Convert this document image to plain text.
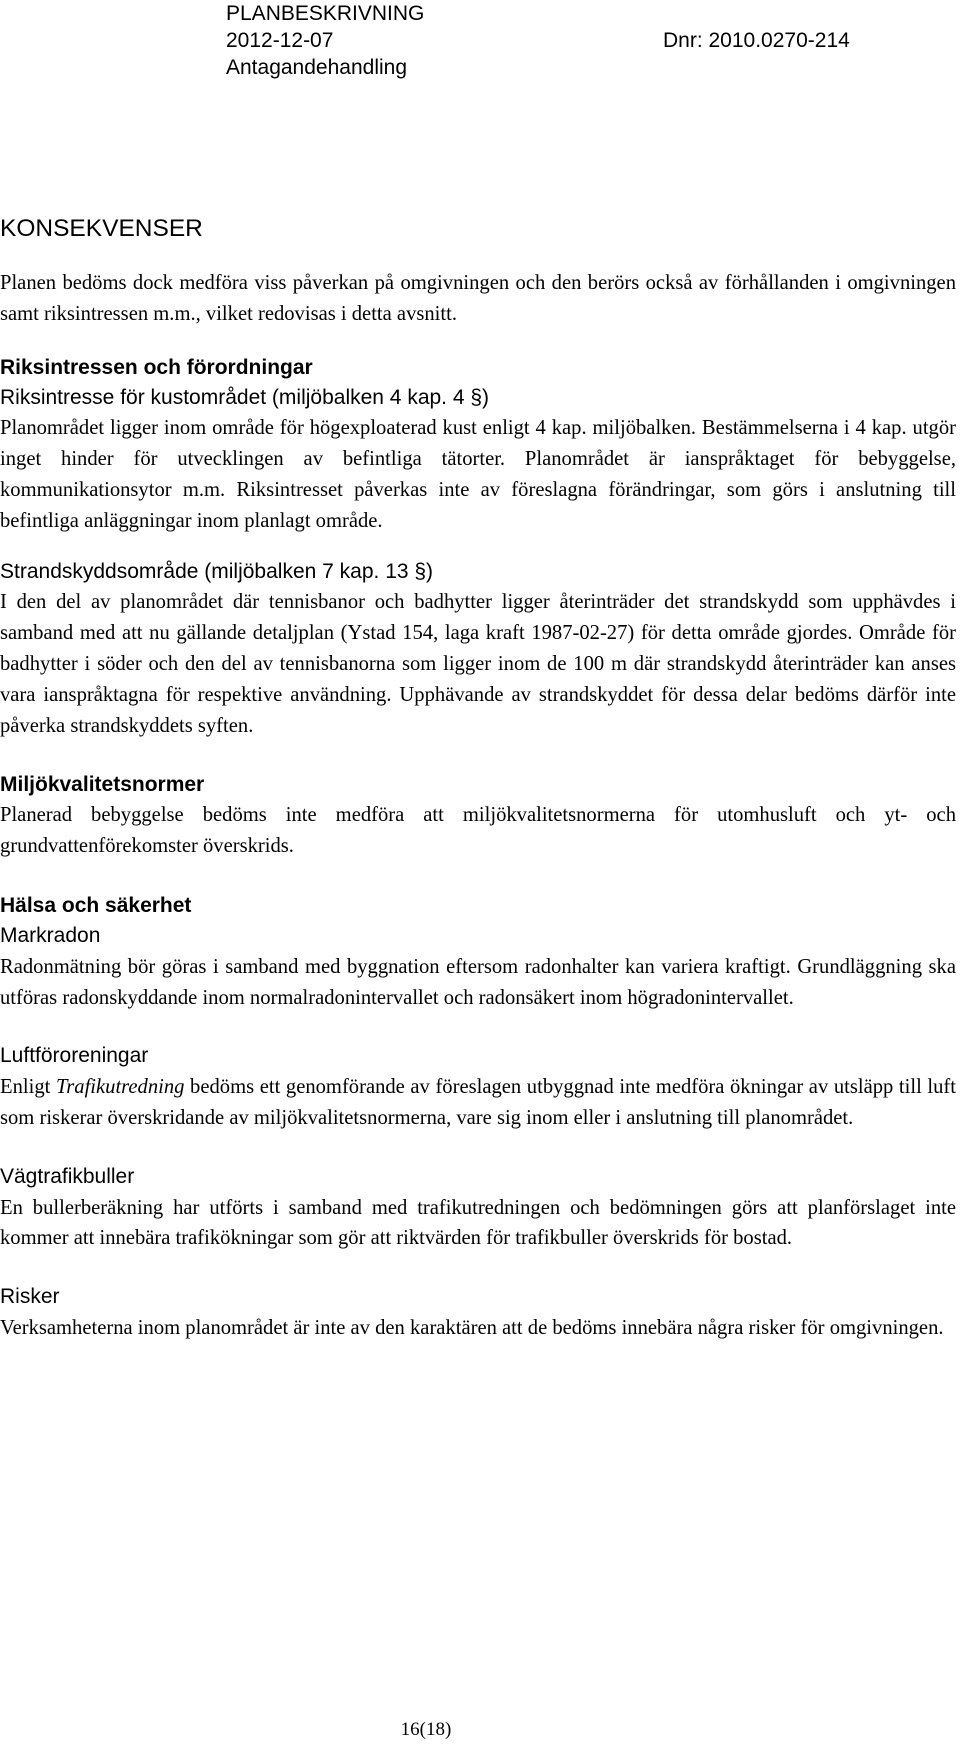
PLANBESKRIVNING
2012-12-07	Dnr: 2010.0270-214
Antagandehandling
KONSEKVENSER

Planen bedöms dock medföra viss påverkan på omgivningen och den berörs också av förhållanden i omgivningen samt riksintressen m.m., vilket redovisas i detta avsnitt.

Riksintressen och förordningar
Riksintresse för kustområdet (miljöbalken 4 kap. 4 §)

Planområdet ligger inom område för högexploaterad kust enligt 4 kap. miljöbalken. Bestämmelserna i 4 kap. utgör inget hinder för utvecklingen av befintliga tätorter. Planområdet är ianspråktaget för bebyggelse, kommunikationsytor m.m. Riksintresset påverkas inte av föreslagna förändringar, som görs i anslutning till befintliga anläggningar inom planlagt område.

Strandskyddsområde (miljöbalken 7 kap. 13 §)

I den del av planområdet där tennisbanor och badhytter ligger återinträder det strandskydd som upphävdes i samband med att nu gällande detaljplan (Ystad 154, laga kraft 1987-02-27) för detta område gjordes. Område för badhytter i söder och den del av tennisbanorna som ligger inom de 100 m där strandskydd återinträder kan anses vara ianspråktagna för respektive användning. Upphävande av strandskyddet för dessa delar bedöms därför inte påverka strandskyddets syften.

Miljökvalitetsnormer

Planerad bebyggelse bedöms inte medföra att miljökvalitetsnormerna för utomhusluft och yt- och grundvattenförekomster överskrids.

Hälsa och säkerhet
Markradon

Radonmätning bör göras i samband med byggnation eftersom radonhalter kan variera kraftigt. Grundläggning ska utföras radonskyddande inom normalradonintervallet och radonsäkert inom högradonintervallet.

Luftföroreningar

Enligt Trafikutredning bedöms ett genomförande av föreslagen utbyggnad inte medföra ökningar av utsläpp till luft som riskerar överskridande av miljökvalitetsnormerna, vare sig inom eller i anslutning till planområdet.

Vägtrafikbuller

En bullerberäkning har utförts i samband med trafikutredningen och bedömningen görs att planförslaget inte kommer att innebära trafikökningar som gör att riktvärden för trafikbuller överskrids för bostad.

Risker

Verksamheterna inom planområdet är inte av den karaktären att de bedöms innebära några risker för omgivningen.

16(18)
